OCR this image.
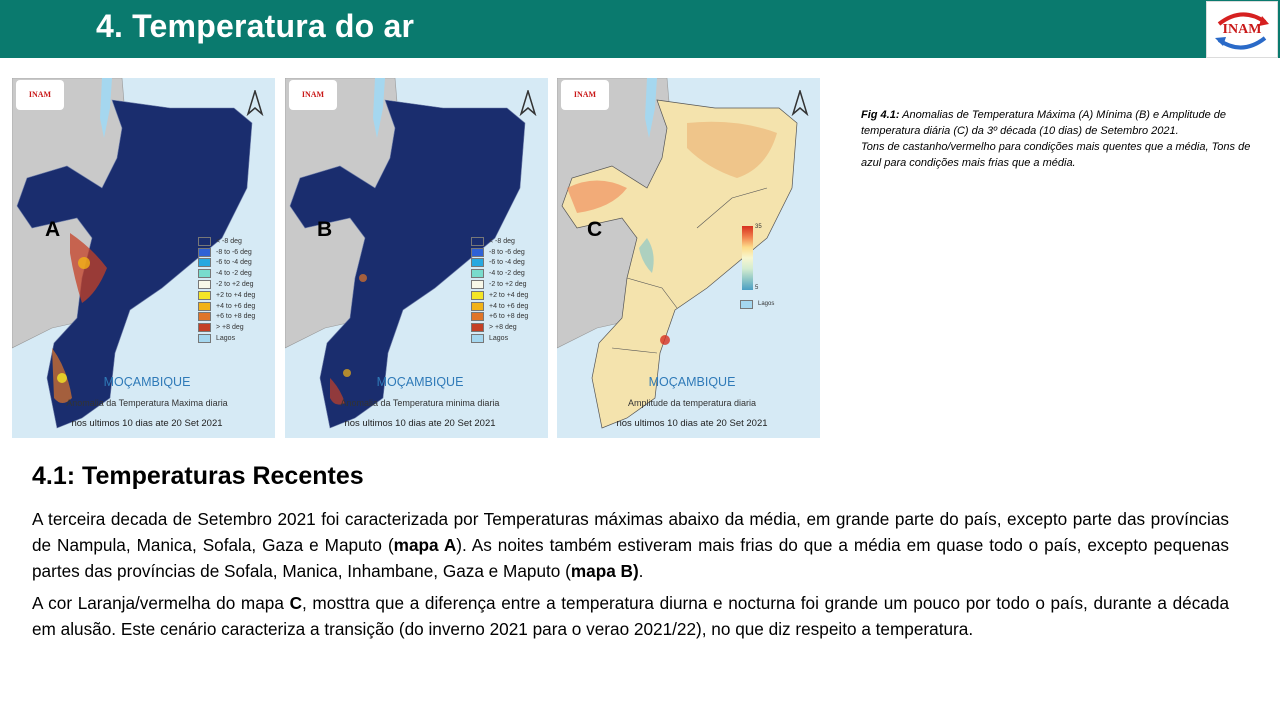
4. Temperatura do ar	INAM
INAM
A
< -8 deg
-8 to -6 deg
-6 to -4 deg
-4 to -2 deg
-2 to +2 deg
+2 to +4 deg
+4 to +6 deg
+6 to +8 deg
> +8 deg
Lagos
MOÇAMBIQUE
Anomalia da Temperatura Maxima diaria
nos ultimos 10 dias ate 20 Set 2021
INAM
B
< -8 deg
-8 to -6 deg
-6 to -4 deg
-4 to -2 deg
-2 to +2 deg
+2 to +4 deg
+4 to +6 deg
+6 to +8 deg
> +8 deg
Lagos
MOÇAMBIQUE
Anomalia da Temperatura minima diaria
nos ultimos 10 dias ate 20 Set 2021
INAM
C	35
5
Lagos
MOÇAMBIQUE
Amplitude da temperatura diaria
nos ultimos 10 dias ate 20 Set 2021
Fig 4.1: Anomalias de Temperatura Máxima (A) Mínima (B) e Amplitude de temperatura diária (C) da 3º década (10 dias) de Setembro 2021.
Tons de castanho/vermelho para condições mais quentes que a média, Tons de azul para condições mais frias que a média.
4.1: Temperaturas Recentes
A terceira decada de Setembro 2021 foi caracterizada por Temperaturas máximas abaixo da média, em grande parte do país, excepto parte das províncias de Nampula, Manica, Sofala, Gaza e Maputo (mapa A). As noites também estiveram mais frias do que a média em quase todo o país, excepto pequenas partes das províncias de Sofala, Manica, Inhambane, Gaza e Maputo (mapa B).
A cor Laranja/vermelha do mapa C, mosttra que a diferença entre a temperatura diurna e nocturna foi grande um pouco por todo o país, durante a década em alusão. Este cenário caracteriza a transição (do inverno 2021 para o verao 2021/22), no que diz respeito a temperatura.
